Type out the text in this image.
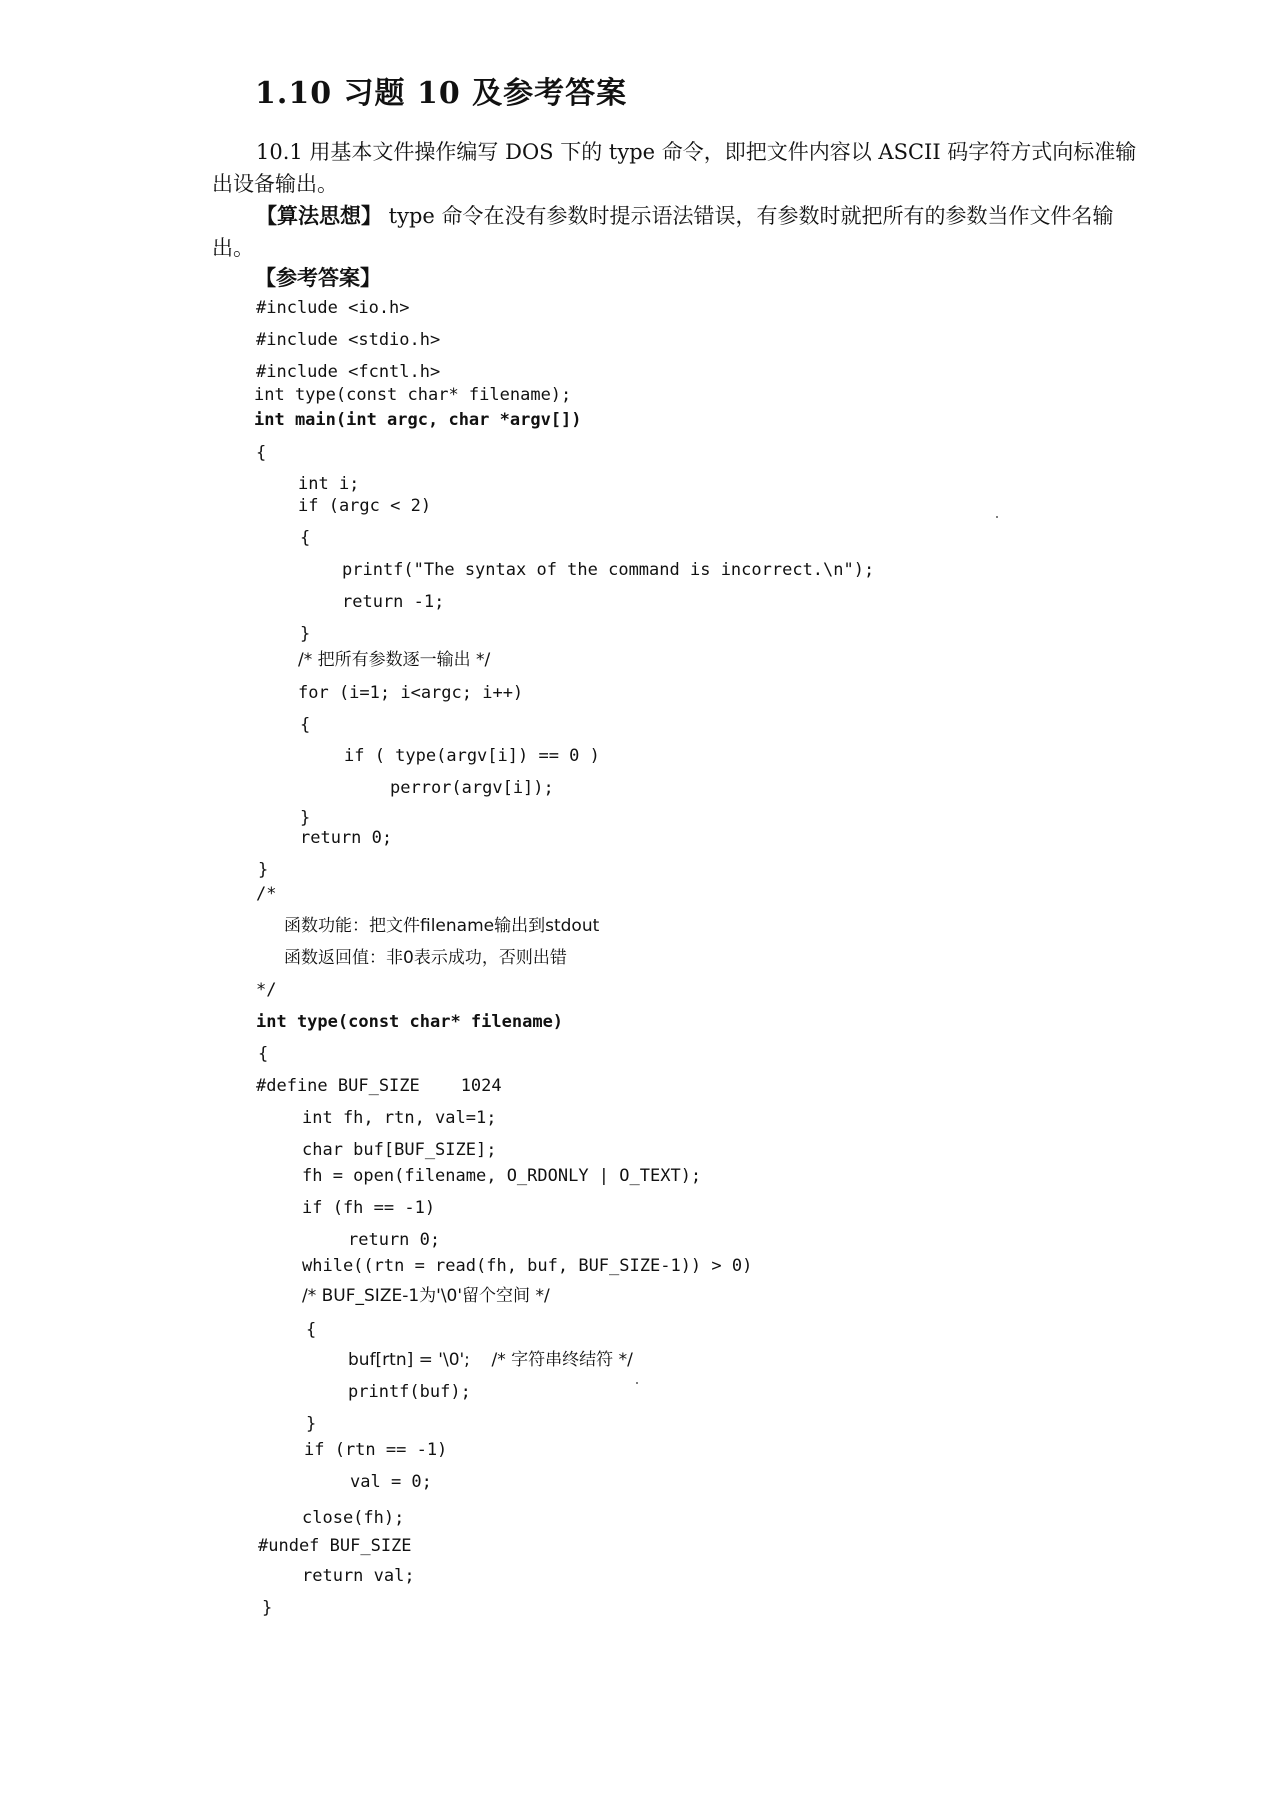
1.10 习题 10 及参考答案

10.1 用基本文件操作编写 DOS 下的 type 命令，即把文件内容以 ASCII 码字符方式向标准输出设备输出。

【算法思想】 type 命令在没有参数时提示语法错误，有参数时就把所有的参数当作文件名输出。

【参考答案】
#include <io.h>
#include <stdio.h>
#include <fcntl.h>
int type(const char* filename);
int main(int argc, char *argv[])
{
int i;
if (argc < 2)
{
printf("The syntax of the command is incorrect.\n");
return -1;
}
/* 把所有参数逐一输出 */
for (i=1; i<argc; i++)
{
if ( type(argv[i]) == 0 )
perror(argv[i]);
}
return 0;
}
/*
函数功能：把文件filename输出到stdout
函数返回值：非0表示成功，否则出错
*/
int type(const char* filename)
{
#define BUF_SIZE    1024
int fh, rtn, val=1;
char buf[BUF_SIZE];
fh = open(filename, O_RDONLY | O_TEXT);
if (fh == -1)
return 0;
while((rtn = read(fh, buf, BUF_SIZE-1)) > 0)
/* BUF_SIZE-1为'\0'留个空间 */
{
buf[rtn] = '\0';    /* 字符串终结符 */
printf(buf);
}
if (rtn == -1)
val = 0;
close(fh);
#undef BUF_SIZE
return val;
}
